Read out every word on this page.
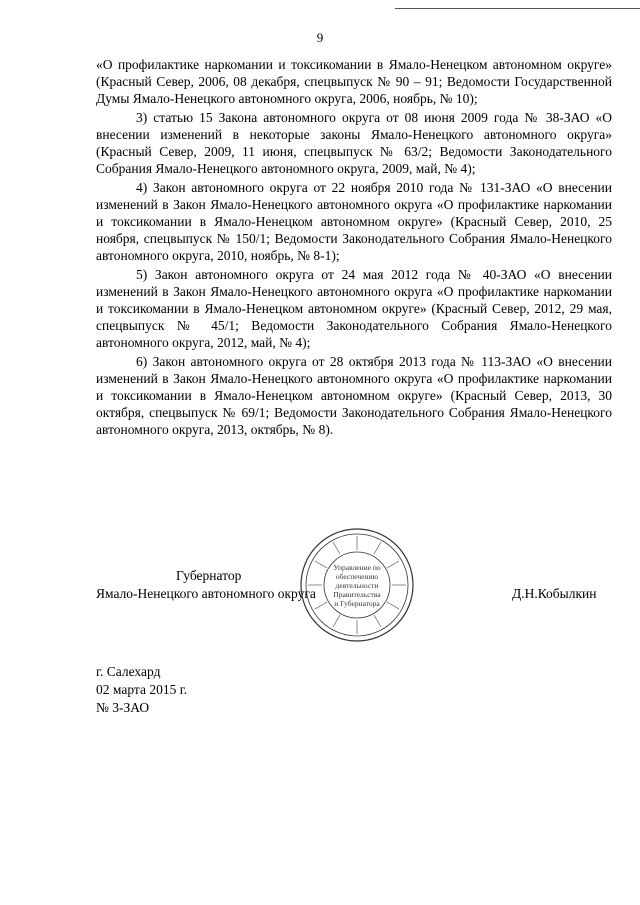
9

«О профилактике наркомании и токсикомании в Ямало-Ненецком автономном округе» (Красный Север, 2006, 08 декабря, спецвыпуск № 90 – 91; Ведомости Государственной Думы Ямало-Ненецкого автономного округа, 2006, ноябрь, № 10);

3) статью 15 Закона автономного округа от 08 июня 2009 года № 38-ЗАО «О внесении изменений в некоторые законы Ямало-Ненецкого автономного округа» (Красный Север, 2009, 11 июня, спецвыпуск № 63/2; Ведомости Законодательного Собрания Ямало-Ненецкого автономного округа, 2009, май, № 4);

4) Закон автономного округа от 22 ноября 2010 года № 131-ЗАО «О внесении изменений в Закон Ямало-Ненецкого автономного округа «О профилактике наркомании и токсикомании в Ямало-Ненецком автономном округе» (Красный Север, 2010, 25 ноября, спецвыпуск № 150/1; Ведомости Законодательного Собрания Ямало-Ненецкого автономного округа, 2010, ноябрь, № 8-1);

5) Закон автономного округа от 24 мая 2012 года № 40-ЗАО «О внесении изменений в Закон Ямало-Ненецкого автономного округа «О профилактике наркомании и токсикомании в Ямало-Ненецком автономном округе» (Красный Север, 2012, 29 мая, спецвыпуск № 45/1; Ведомости Законодательного Собрания Ямало-Ненецкого автономного округа, 2012, май, № 4);

6) Закон автономного округа от 28 октября 2013 года № 113-ЗАО «О внесении изменений в Закон Ямало-Ненецкого автономного округа «О профилактике наркомании и токсикомании в Ямало-Ненецком автономном округе» (Красный Север, 2013, 30 октября, спецвыпуск № 69/1; Ведомости Законодательного Собрания Ямало-Ненецкого автономного округа, 2013, октябрь, № 8).

Губернатор
Ямало-Ненецкого автономного округа	Д.Н.Кобылкин
Управление по
обеспечению
деятельности
Правительства
и Губернатора
г. Салехард
02 марта 2015 г.
№ 3-ЗАО
